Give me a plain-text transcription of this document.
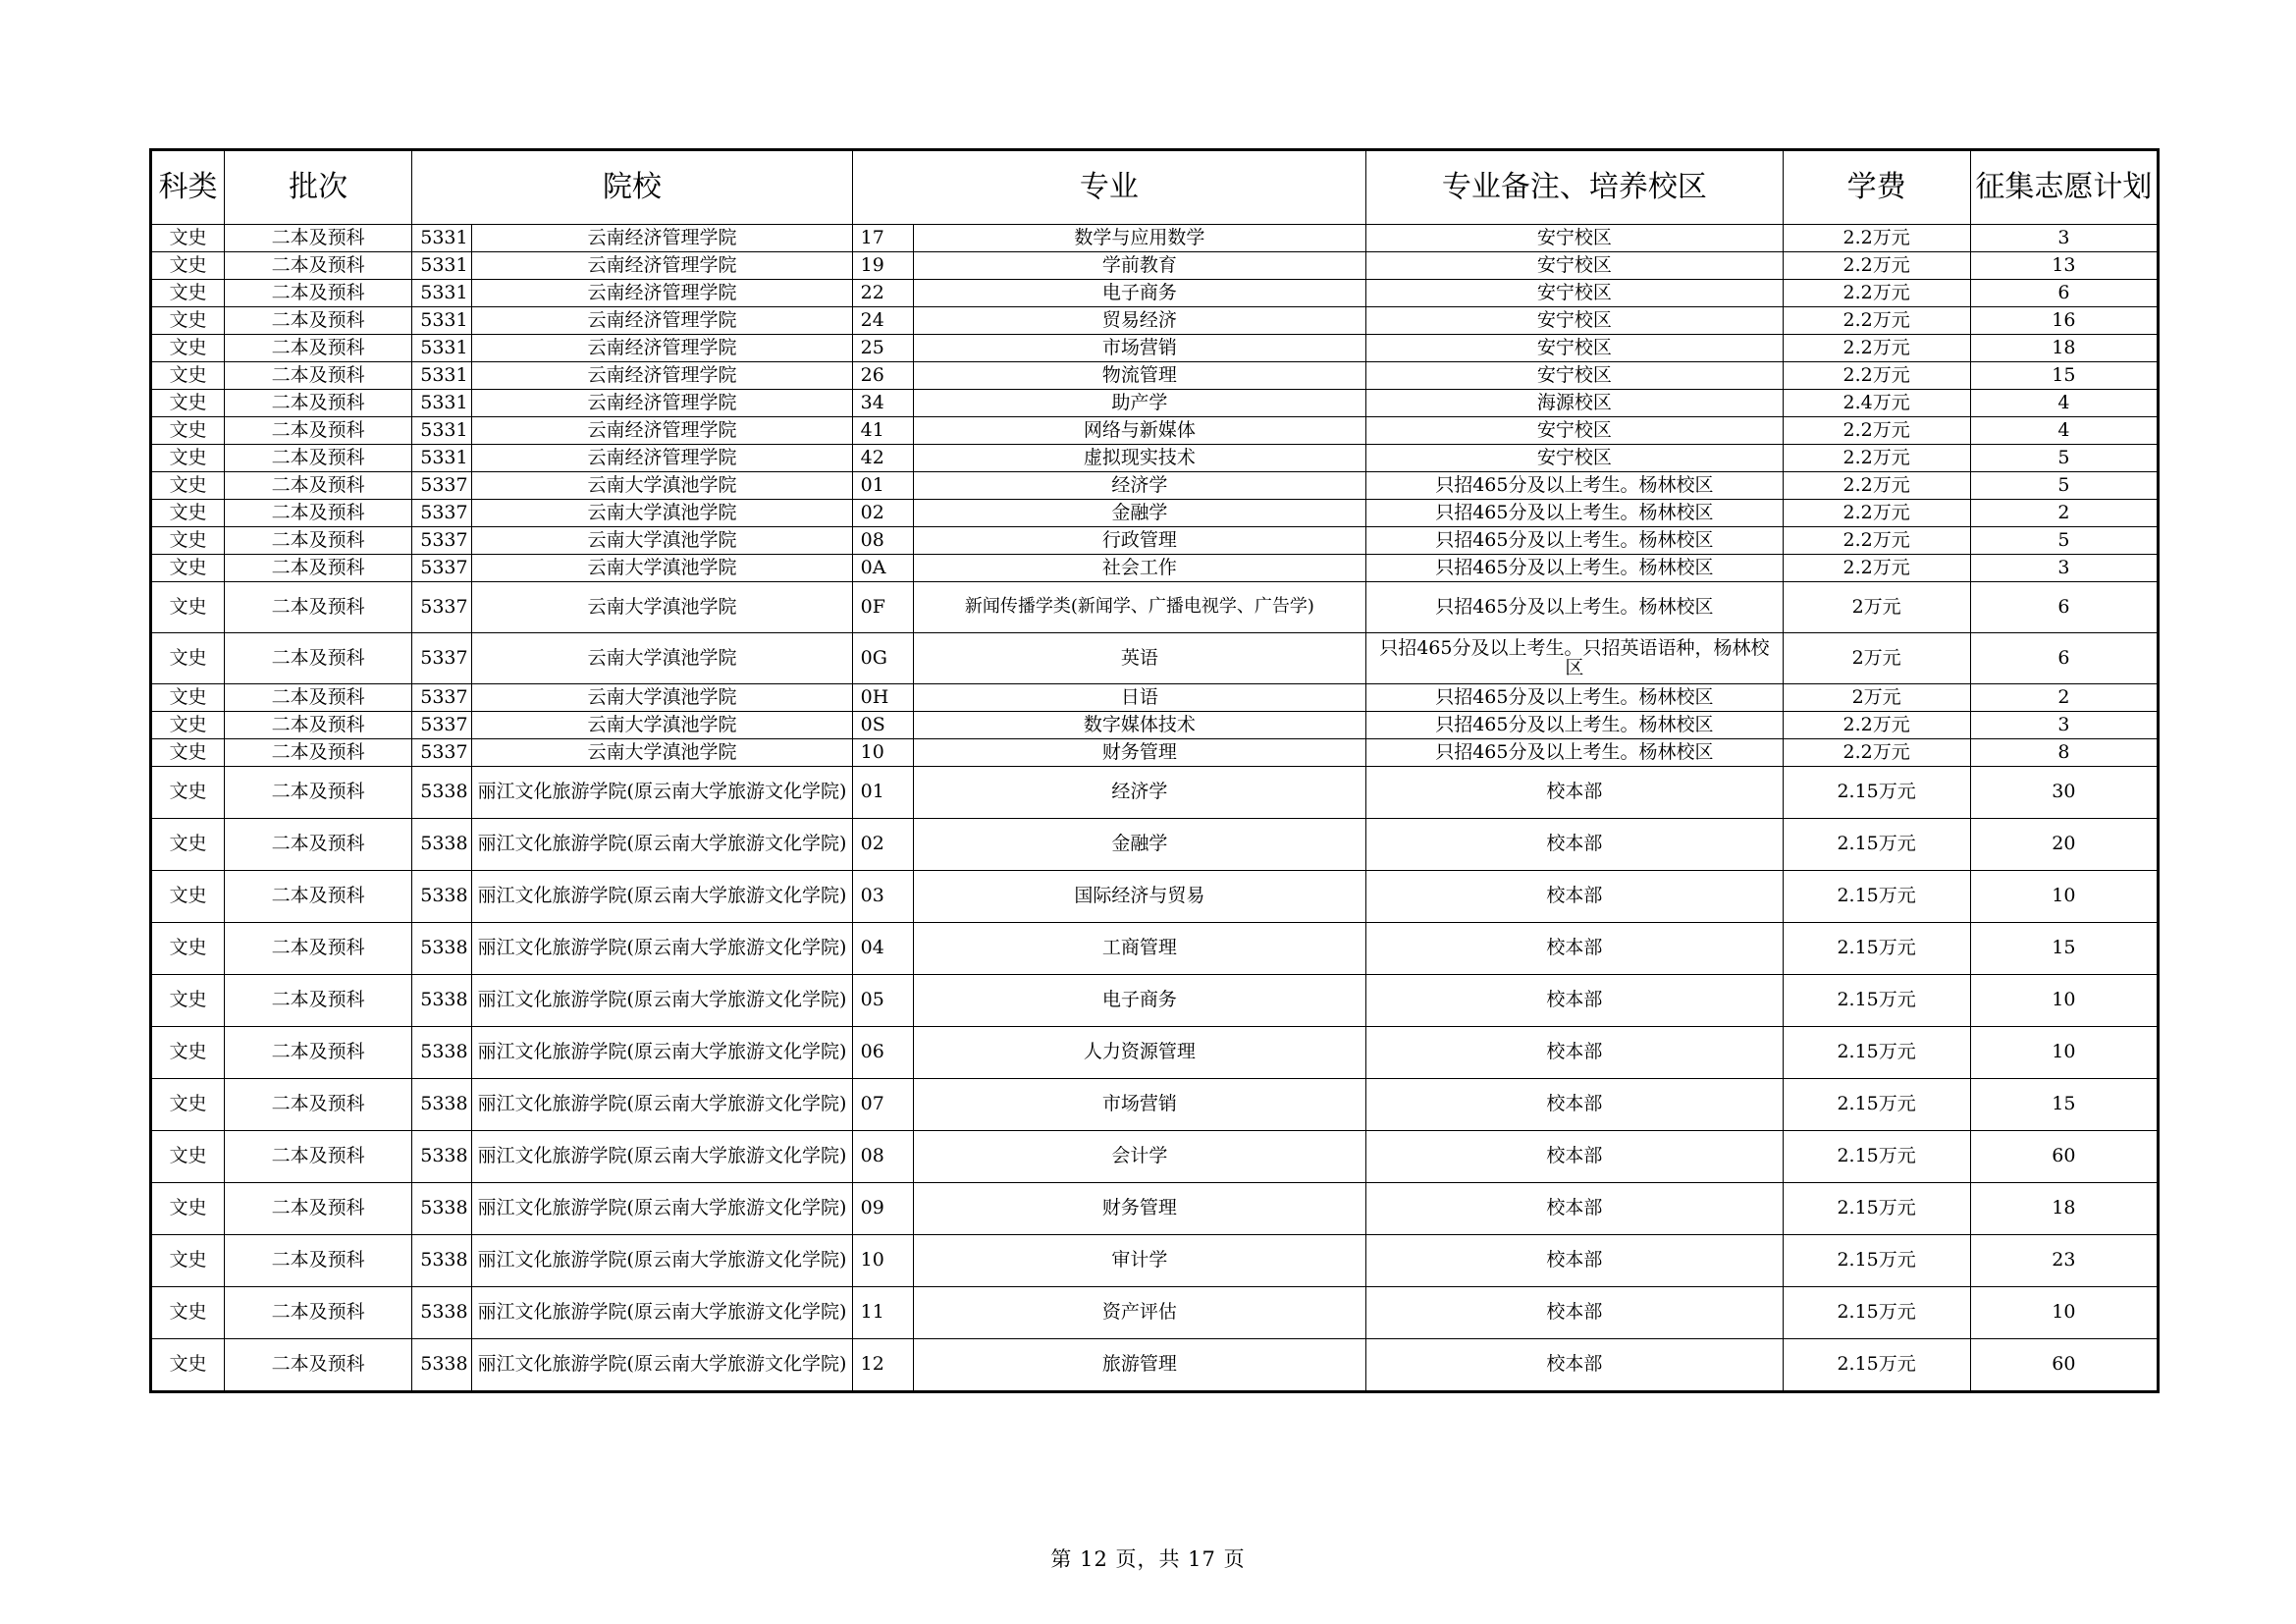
科类	批次	院校		专业		专业备注、培养校区	学费	征集志愿计划
文史	二本及预科	5331	云南经济管理学院	17	数学与应用数学	安宁校区	2.2万元	3
文史	二本及预科	5331	云南经济管理学院	19	学前教育	安宁校区	2.2万元	13
文史	二本及预科	5331	云南经济管理学院	22	电子商务	安宁校区	2.2万元	6
文史	二本及预科	5331	云南经济管理学院	24	贸易经济	安宁校区	2.2万元	16
文史	二本及预科	5331	云南经济管理学院	25	市场营销	安宁校区	2.2万元	18
文史	二本及预科	5331	云南经济管理学院	26	物流管理	安宁校区	2.2万元	15
文史	二本及预科	5331	云南经济管理学院	34	助产学	海源校区	2.4万元	4
文史	二本及预科	5331	云南经济管理学院	41	网络与新媒体	安宁校区	2.2万元	4
文史	二本及预科	5331	云南经济管理学院	42	虚拟现实技术	安宁校区	2.2万元	5
文史	二本及预科	5337	云南大学滇池学院	01	经济学	只招465分及以上考生。杨林校区	2.2万元	5
文史	二本及预科	5337	云南大学滇池学院	02	金融学	只招465分及以上考生。杨林校区	2.2万元	2
文史	二本及预科	5337	云南大学滇池学院	08	行政管理	只招465分及以上考生。杨林校区	2.2万元	5
文史	二本及预科	5337	云南大学滇池学院	0A	社会工作	只招465分及以上考生。杨林校区	2.2万元	3
文史	二本及预科	5337	云南大学滇池学院	0F	新闻传播学类(新闻学、广播电视学、广告学)	只招465分及以上考生。杨林校区	2万元	6
文史	二本及预科	5337	云南大学滇池学院	0G	英语	只招465分及以上考生。只招英语语种，杨林校区	2万元	6
文史	二本及预科	5337	云南大学滇池学院	0H	日语	只招465分及以上考生。杨林校区	2万元	2
文史	二本及预科	5337	云南大学滇池学院	0S	数字媒体技术	只招465分及以上考生。杨林校区	2.2万元	3
文史	二本及预科	5337	云南大学滇池学院	10	财务管理	只招465分及以上考生。杨林校区	2.2万元	8
文史	二本及预科	5338	丽江文化旅游学院(原云南大学旅游文化学院)	01	经济学	校本部	2.15万元	30
文史	二本及预科	5338	丽江文化旅游学院(原云南大学旅游文化学院)	02	金融学	校本部	2.15万元	20
文史	二本及预科	5338	丽江文化旅游学院(原云南大学旅游文化学院)	03	国际经济与贸易	校本部	2.15万元	10
文史	二本及预科	5338	丽江文化旅游学院(原云南大学旅游文化学院)	04	工商管理	校本部	2.15万元	15
文史	二本及预科	5338	丽江文化旅游学院(原云南大学旅游文化学院)	05	电子商务	校本部	2.15万元	10
文史	二本及预科	5338	丽江文化旅游学院(原云南大学旅游文化学院)	06	人力资源管理	校本部	2.15万元	10
文史	二本及预科	5338	丽江文化旅游学院(原云南大学旅游文化学院)	07	市场营销	校本部	2.15万元	15
文史	二本及预科	5338	丽江文化旅游学院(原云南大学旅游文化学院)	08	会计学	校本部	2.15万元	60
文史	二本及预科	5338	丽江文化旅游学院(原云南大学旅游文化学院)	09	财务管理	校本部	2.15万元	18
文史	二本及预科	5338	丽江文化旅游学院(原云南大学旅游文化学院)	10	审计学	校本部	2.15万元	23
文史	二本及预科	5338	丽江文化旅游学院(原云南大学旅游文化学院)	11	资产评估	校本部	2.15万元	10
文史	二本及预科	5338	丽江文化旅游学院(原云南大学旅游文化学院)	12	旅游管理	校本部	2.15万元	60
第 12 页，共 17 页
